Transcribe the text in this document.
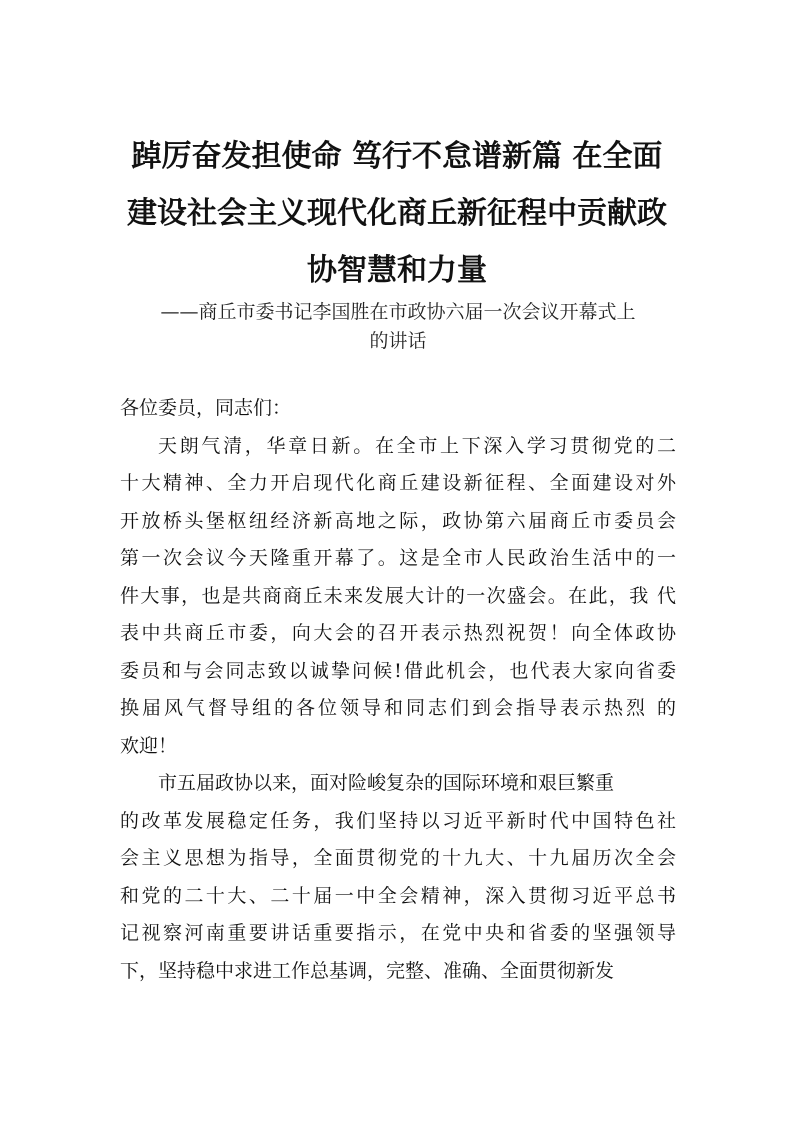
踔厉奋发担使命 笃行不怠谱新篇 在全面
建设社会主义现代化商丘新征程中贡献政
协智慧和力量
——商丘市委书记李国胜在市政协六届一次会议开幕式上
的讲话

各位委员，同志们：

天朗气清，华章日新。在全市上下深入学习贯彻党的二
十大精神、全力开启现代化商丘建设新征程、全面建设对外
开放桥头堡枢纽经济新高地之际，政协第六届商丘市委员会
第一次会议今天隆重开幕了。这是全市人民政治生活中的一
件大事，也是共商商丘未来发展大计的一次盛会。在此，我 代
表中共商丘市委，向大会的召开表示热烈祝贺！向全体政协
委员和与会同志致以诚挚问候!借此机会，也代表大家向省委
换届风气督导组的各位领导和同志们到会指导表示热烈 的
欢迎！

市五届政协以来，面对险峻复杂的国际环境和艰巨繁重
的改革发展稳定任务，我们坚持以习近平新时代中国特色社
会主义思想为指导，全面贯彻党的十九大、十九届历次全会
和党的二十大、二十届一中全会精神，深入贯彻习近平总书
记视察河南重要讲话重要指示，在党中央和省委的坚强领导
下，坚持稳中求进工作总基调，完整、准确、全面贯彻新发
